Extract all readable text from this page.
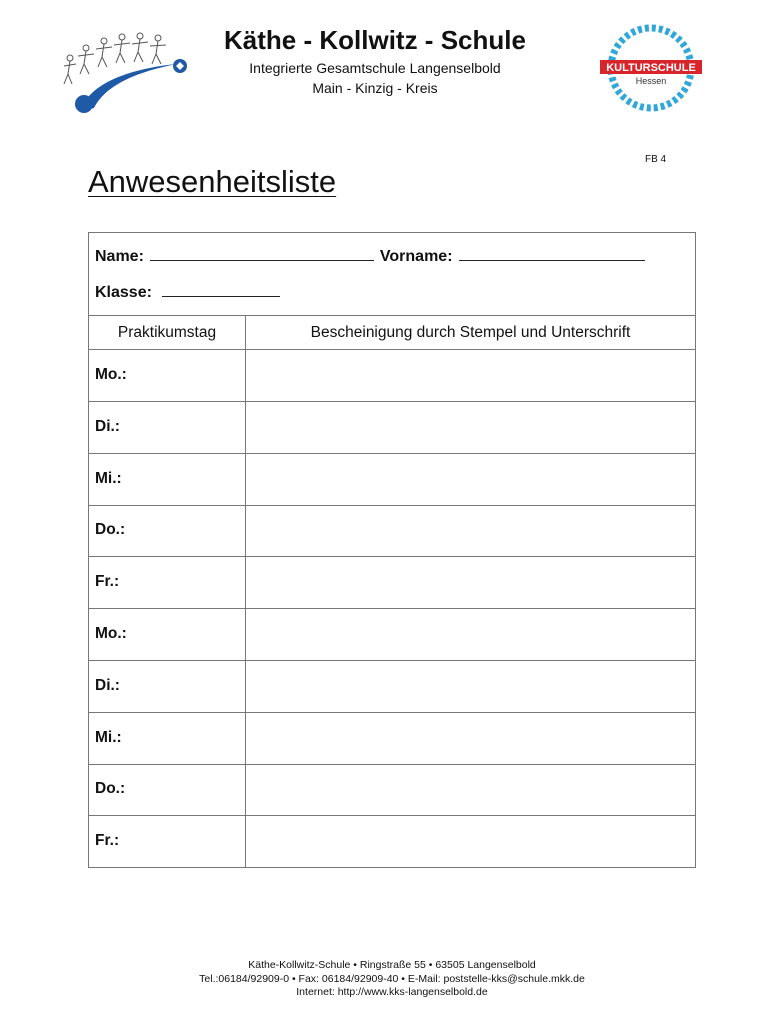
Käthe - Kollwitz - Schule
Integrierte Gesamtschule Langenselbold
Main - Kinzig - Kreis
KULTURSCHULE
Hessen
FB 4
Anwesenheitsliste
Name:	Vorname:
Klasse:
Praktikumstag	Bescheinigung durch Stempel und Unterschrift
Mo.:
Di.:
Mi.:
Do.:
Fr.:
Mo.:
Di.:
Mi.:
Do.:
Fr.:
Käthe-Kollwitz-Schule • Ringstraße 55 • 63505 Langenselbold
Tel.:06184/92909-0 • Fax: 06184/92909-40 • E-Mail: poststelle-kks@schule.mkk.de
Internet: http://www.kks-langenselbold.de
